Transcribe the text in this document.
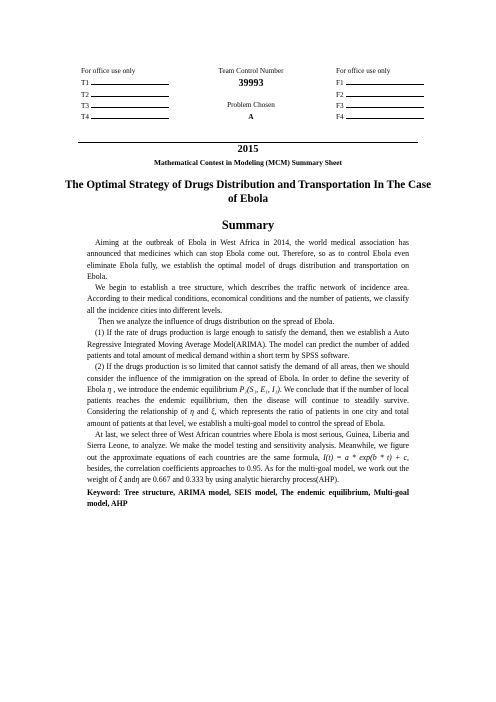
For office use only
T1
T2
T3
T4
Team Control Number
39993
Problem Chosen
A
For office use only
F1
F2
F3
F4
2015
Mathematical Contest in Modeling (MCM) Summary Sheet
The Optimal Strategy of Drugs Distribution and Transportation In The Case of Ebola
Summary

Aiming at the outbreak of Ebola in West Africa in 2014, the world medical association has announced that medicines which can stop Ebola come out. Therefore, so as to control Ebola even eliminate Ebola fully, we establish the optimal model of drugs distribution and transportation on Ebola.

We begin to establish a tree structure, which describes the traffic network of incidence area. According to their medical conditions, economical conditions and the number of patients, we classify all the incidence cities into different levels.

Then we analyze the influence of drugs distribution on the spread of Ebola.

(1) If the rate of drugs production is large enough to satisfy the demand, then we establish a Auto Regressive Integrated Moving Average Model(ARIMA). The model can predict the number of added patients and total amount of medical demand within a short term by SPSS software.

(2) If the drugs production is so limited that cannot satisfy the demand of all areas, then we should consider the influence of the immigration on the spread of Ebola. In order to define the severity of Ebola η , we introduce the endemic equilibrium P₁(S₁, E₁, I₁). We conclude that if the number of local patients reaches the endemic equilibrium, then the disease will continue to steadily survive. Considering the relationship of η and ξ, which represents the ratio of patients in one city and total amount of patients at that level, we establish a multi-goal model to control the spread of Ebola.

At last, we select three of West African countries where Ebola is most serious, Guinea, Liberia and Sierra Leone, to analyze. We make the model testing and sensitivity analysis. Meanwhile, we figure out the approximate equations of each countries are the same formula, I(t) = a * exp(b * t) + c, besides, the correlation coefficients approaches to 0.95. As for the multi-goal model, we work out the weight of ξ andη are 0.667 and 0.333 by using analytic hierarchy process(AHP).

Keyword: Tree structure, ARIMA model, SEIS model, The endemic equilibrium, Multi-goal model, AHP
